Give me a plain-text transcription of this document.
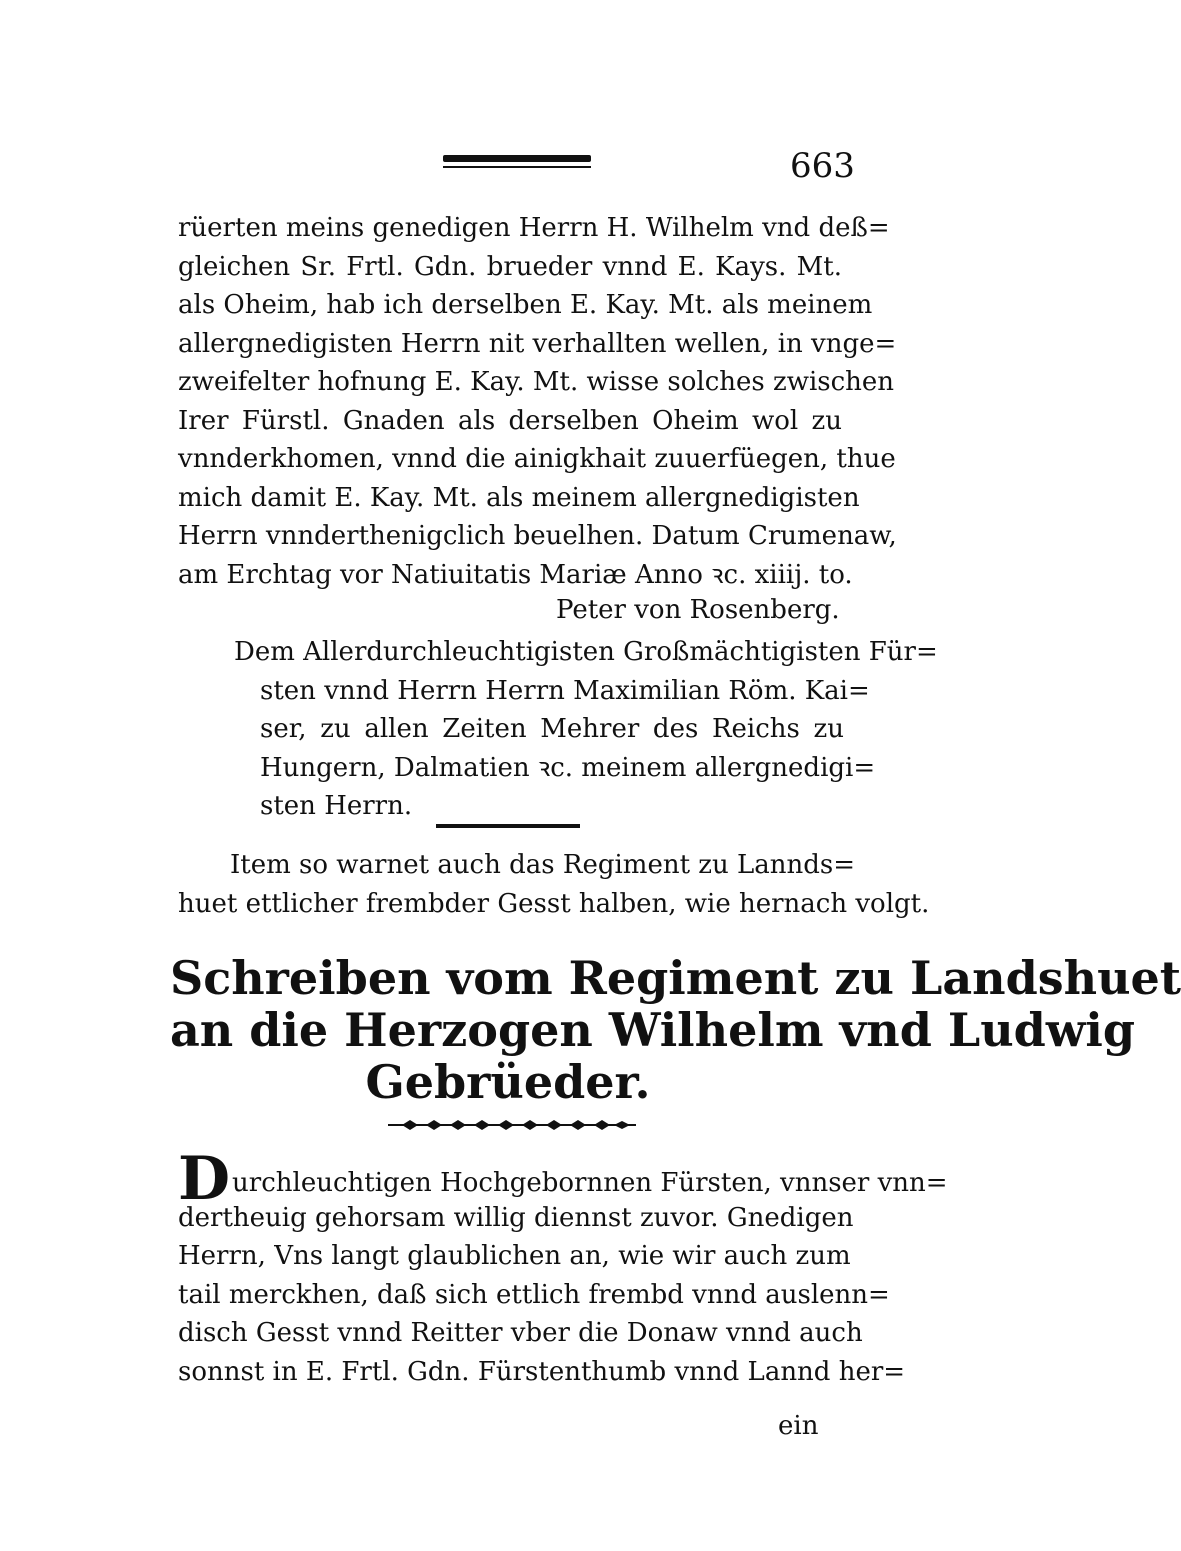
663
rüerten meins genedigen Herrn H. Wilhelm vnd deß=
gleichen Sr. Frtl. Gdn. brueder vnnd E. Kays. Mt.
als Oheim, hab ich derselben E. Kay. Mt. als meinem
allergnedigisten Herrn nit verhallten wellen, in vnge=
zweifelter hofnung E. Kay. Mt. wisse solches zwischen
Irer Fürstl. Gnaden als derselben Oheim wol zu
vnnderkhomen, vnnd die ainigkhait zuuerfüegen, thue
mich damit E. Kay. Mt. als meinem allergnedigisten
Herrn vnnderthenigclich beuelhen. Datum Crumenaw,
am Erchtag vor Natiuitatis Mariæ Anno ꝛc. xiiij. to.
Peter von Rosenberg.
Dem Allerdurchleuchtigisten Großmächtigisten Für=
sten vnnd Herrn Herrn Maximilian Röm. Kai=
ser, zu allen Zeiten Mehrer des Reichs zu
Hungern, Dalmatien ꝛc. meinem allergnedigi=
sten Herrn.
Item so warnet auch das Regiment zu Lannds=
huet ettlicher frembder Gesst halben, wie hernach volgt.
Schreiben vom Regiment zu Landshuet
an die Herzogen Wilhelm vnd Ludwig
Gebrüeder.
Durchleuchtigen Hochgebornnen Fürsten, vnnser vnn=
dertheuig gehorsam willig diennst zuvor. Gnedigen
Herrn, Vns langt glaublichen an, wie wir auch zum
tail merckhen, daß sich ettlich frembd vnnd auslenn=
disch Gesst vnnd Reitter vber die Donaw vnnd auch
sonnst in E. Frtl. Gdn. Fürstenthumb vnnd Lannd her=
ein
